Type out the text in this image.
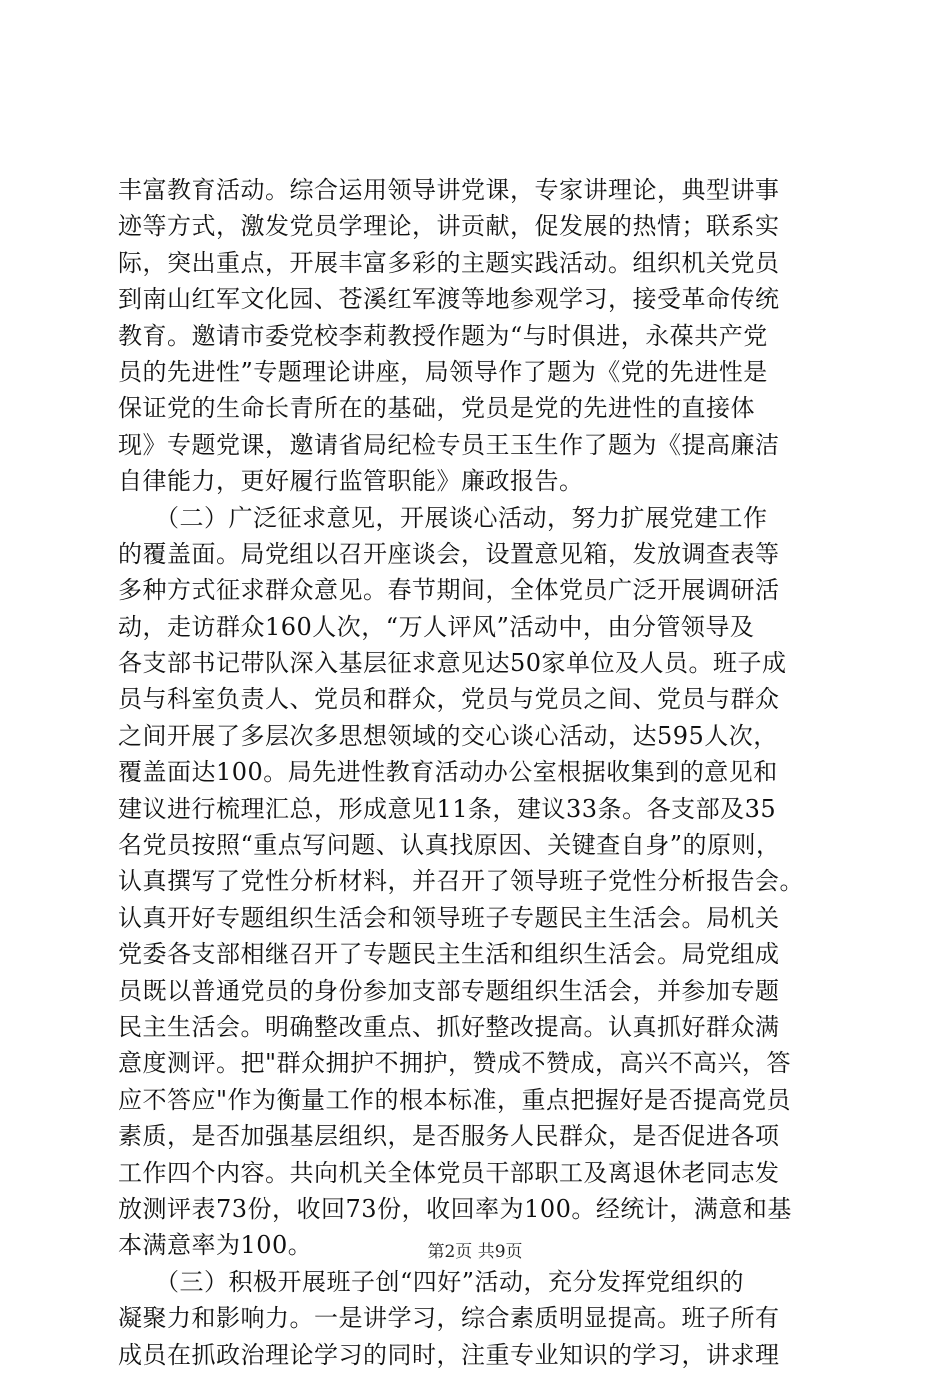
丰富教育活动。综合运用领导讲党课，专家讲理论，典型讲事
迹等方式，激发党员学理论，讲贡献，促发展的热情；联系实
际，突出重点，开展丰富多彩的主题实践活动。组织机关党员
到南山红军文化园、苍溪红军渡等地参观学习，接受革命传统
教育。邀请市委党校李莉教授作题为“与时俱进，永葆共产党
员的先进性”专题理论讲座，局领导作了题为《党的先进性是
保证党的生命长青所在的基础，党员是党的先进性的直接体
现》专题党课，邀请省局纪检专员王玉生作了题为《提高廉洁
自律能力，更好履行监管职能》廉政报告。
　　（二）广泛征求意见，开展谈心活动，努力扩展党建工作
的覆盖面。局党组以召开座谈会，设置意见箱，发放调查表等
多种方式征求群众意见。春节期间，全体党员广泛开展调研活
动，走访群众160人次，“万人评风”活动中，由分管领导及
各支部书记带队深入基层征求意见达50家单位及人员。班子成
员与科室负责人、党员和群众，党员与党员之间、党员与群众
之间开展了多层次多思想领域的交心谈心活动，达595人次，
覆盖面达100。局先进性教育活动办公室根据收集到的意见和
建议进行梳理汇总，形成意见11条，建议33条。各支部及35
名党员按照“重点写问题、认真找原因、关键查自身”的原则，
认真撰写了党性分析材料，并召开了领导班子党性分析报告会。
认真开好专题组织生活会和领导班子专题民主生活会。局机关
党委各支部相继召开了专题民主生活和组织生活会。局党组成
员既以普通党员的身份参加支部专题组织生活会，并参加专题
民主生活会。明确整改重点、抓好整改提高。认真抓好群众满
意度测评。把"群众拥护不拥护，赞成不赞成，高兴不高兴，答
应不答应"作为衡量工作的根本标准，重点把握好是否提高党员
素质，是否加强基层组织，是否服务人民群众，是否促进各项
工作四个内容。共向机关全体党员干部职工及离退休老同志发
放测评表73份，收回73份，收回率为100。经统计，满意和基
本满意率为100。
　　（三）积极开展班子创“四好”活动，充分发挥党组织的
凝聚力和影响力。一是讲学习，综合素质明显提高。班子所有
成员在抓政治理论学习的同时，注重专业知识的学习，讲求理
第2页 共9页
